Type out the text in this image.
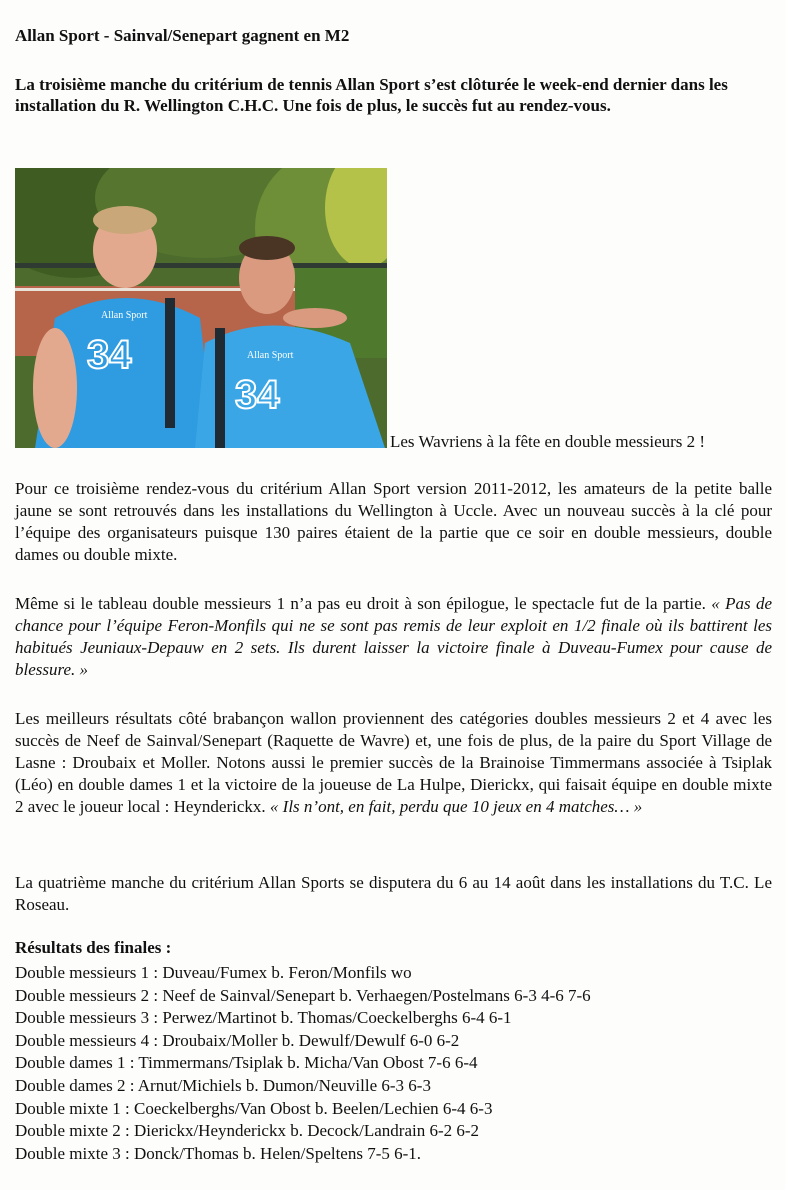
Allan Sport - Sainval/Senepart gagnent en M2
La troisième manche du critérium de tennis Allan Sport s’est clôturée le week-end dernier dans les installation du R. Wellington C.H.C. Une fois de plus, le succès fut au rendez-vous.
Allan Sport
34	Allan Sport
34
Les Wavriens à la fête en double messieurs 2 !

Pour ce troisième rendez-vous du critérium Allan Sport version 2011-2012, les amateurs de la petite balle jaune se sont retrouvés dans les installations du Wellington à Uccle. Avec un nouveau succès à la clé pour l’équipe des organisateurs puisque 130 paires étaient de la partie que ce soir en double messieurs, double dames ou double mixte.

Même si le tableau double messieurs 1 n’a pas eu droit à son épilogue, le spectacle fut de la partie. « Pas de chance pour l’équipe Feron-Monfils qui ne se sont pas remis de leur exploit en 1/2 finale où ils battirent les habitués Jeuniaux-Depauw en 2 sets. Ils durent laisser la victoire finale à Duveau-Fumex pour cause de blessure. »

Les meilleurs résultats côté brabançon wallon proviennent des catégories doubles messieurs 2 et 4 avec les succès de Neef de Sainval/Senepart (Raquette de Wavre) et, une fois de plus, de la paire du Sport Village de Lasne : Droubaix et Moller. Notons aussi le premier succès de la Brainoise Timmermans associée à Tsiplak (Léo) en double dames 1 et la victoire de la joueuse de La Hulpe, Dierickx, qui faisait équipe en double mixte 2 avec le joueur local : Heynderickx. « Ils n’ont, en fait, perdu que 10 jeux en 4 matches… »

La quatrième manche du critérium Allan Sports se disputera du 6 au 14 août dans les installations du T.C. Le Roseau.

Résultats des finales :
Double messieurs 1 : Duveau/Fumex b. Feron/Monfils wo
Double messieurs 2 : Neef de Sainval/Senepart b. Verhaegen/Postelmans 6-3 4-6 7-6
Double messieurs 3 : Perwez/Martinot b. Thomas/Coeckelberghs 6-4 6-1
Double messieurs 4 : Droubaix/Moller b. Dewulf/Dewulf 6-0 6-2
Double dames 1 : Timmermans/Tsiplak b. Micha/Van Obost 7-6 6-4
Double dames 2 : Arnut/Michiels b. Dumon/Neuville 6-3 6-3
Double mixte 1 : Coeckelberghs/Van Obost b. Beelen/Lechien 6-4 6-3
Double mixte 2 : Dierickx/Heynderickx b. Decock/Landrain 6-2 6-2
Double mixte 3 : Donck/Thomas b. Helen/Speltens 7-5 6-1.
